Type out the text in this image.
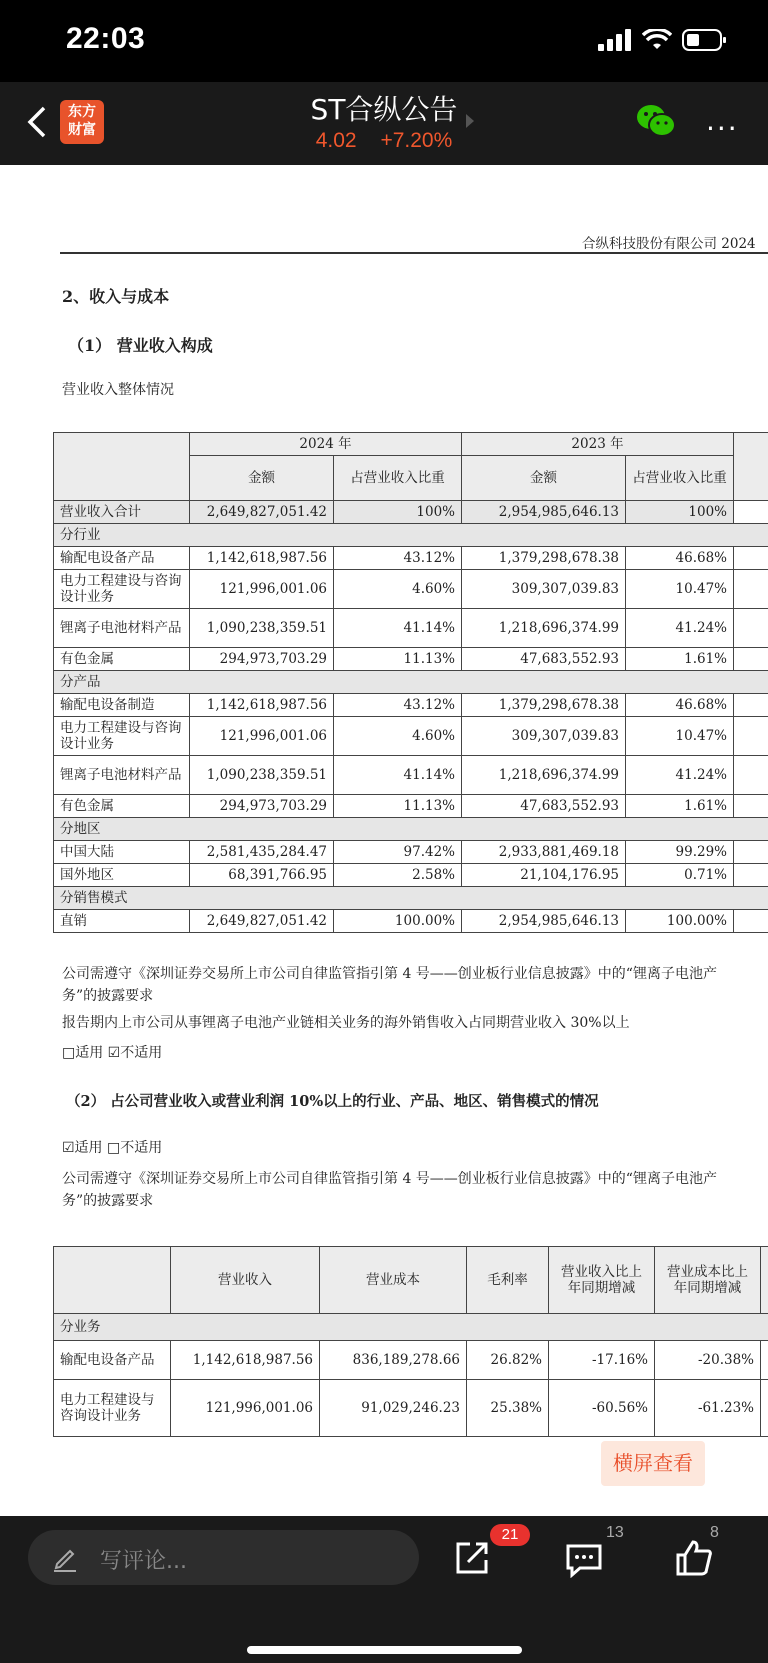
22:03
东方
财富
ST合纵公告
4.02 +7.20%	···
合纵科技股份有限公司 2024
2、收入与成本
（1） 营业收入构成
营业收入整体情况
	2024 年		2023 年		
	金额	占营业收入比重	金额	占营业收入比重	
营业收入合计	2,649,827,051.42	100%	2,954,985,646.13	100%	
分行业					
输配电设备产品	1,142,618,987.56	43.12%	1,379,298,678.38	46.68%	
电力工程建设与咨询设计业务	121,996,001.06	4.60%	309,307,039.83	10.47%	
锂离子电池材料产品	1,090,238,359.51	41.14%	1,218,696,374.99	41.24%	
有色金属	294,973,703.29	11.13%	47,683,552.93	1.61%	
分产品					
输配电设备制造	1,142,618,987.56	43.12%	1,379,298,678.38	46.68%	
电力工程建设与咨询设计业务	121,996,001.06	4.60%	309,307,039.83	10.47%	
锂离子电池材料产品	1,090,238,359.51	41.14%	1,218,696,374.99	41.24%	
有色金属	294,973,703.29	11.13%	47,683,552.93	1.61%	
分地区					
中国大陆	2,581,435,284.47	97.42%	2,933,881,469.18	99.29%	
国外地区	68,391,766.95	2.58%	21,104,176.95	0.71%	
分销售模式					
直销	2,649,827,051.42	100.00%	2,954,985,646.13	100.00%	
公司需遵守《深圳证券交易所上市公司自律监管指引第 4 号——创业板行业信息披露》中的“锂离子电池产
务”的披露要求
报告期内上市公司从事锂离子电池产业链相关业务的海外销售收入占同期营业收入 30%以上
□适用 ☑不适用
（2） 占公司营业收入或营业利润 10%以上的行业、产品、地区、销售模式的情况
☑适用 □不适用
公司需遵守《深圳证券交易所上市公司自律监管指引第 4 号——创业板行业信息披露》中的“锂离子电池产
务”的披露要求
	营业收入	营业成本	毛利率	营业收入比上年同期增减	营业成本比上年同期增减	
分业务						
输配电设备产品	1,142,618,987.56	836,189,278.66	26.82%	-17.16%	-20.38%	
电力工程建设与咨询设计业务	121,996,001.06	91,029,246.23	25.38%	-60.56%	-61.23%	
横屏查看
写评论...
21	13	8
